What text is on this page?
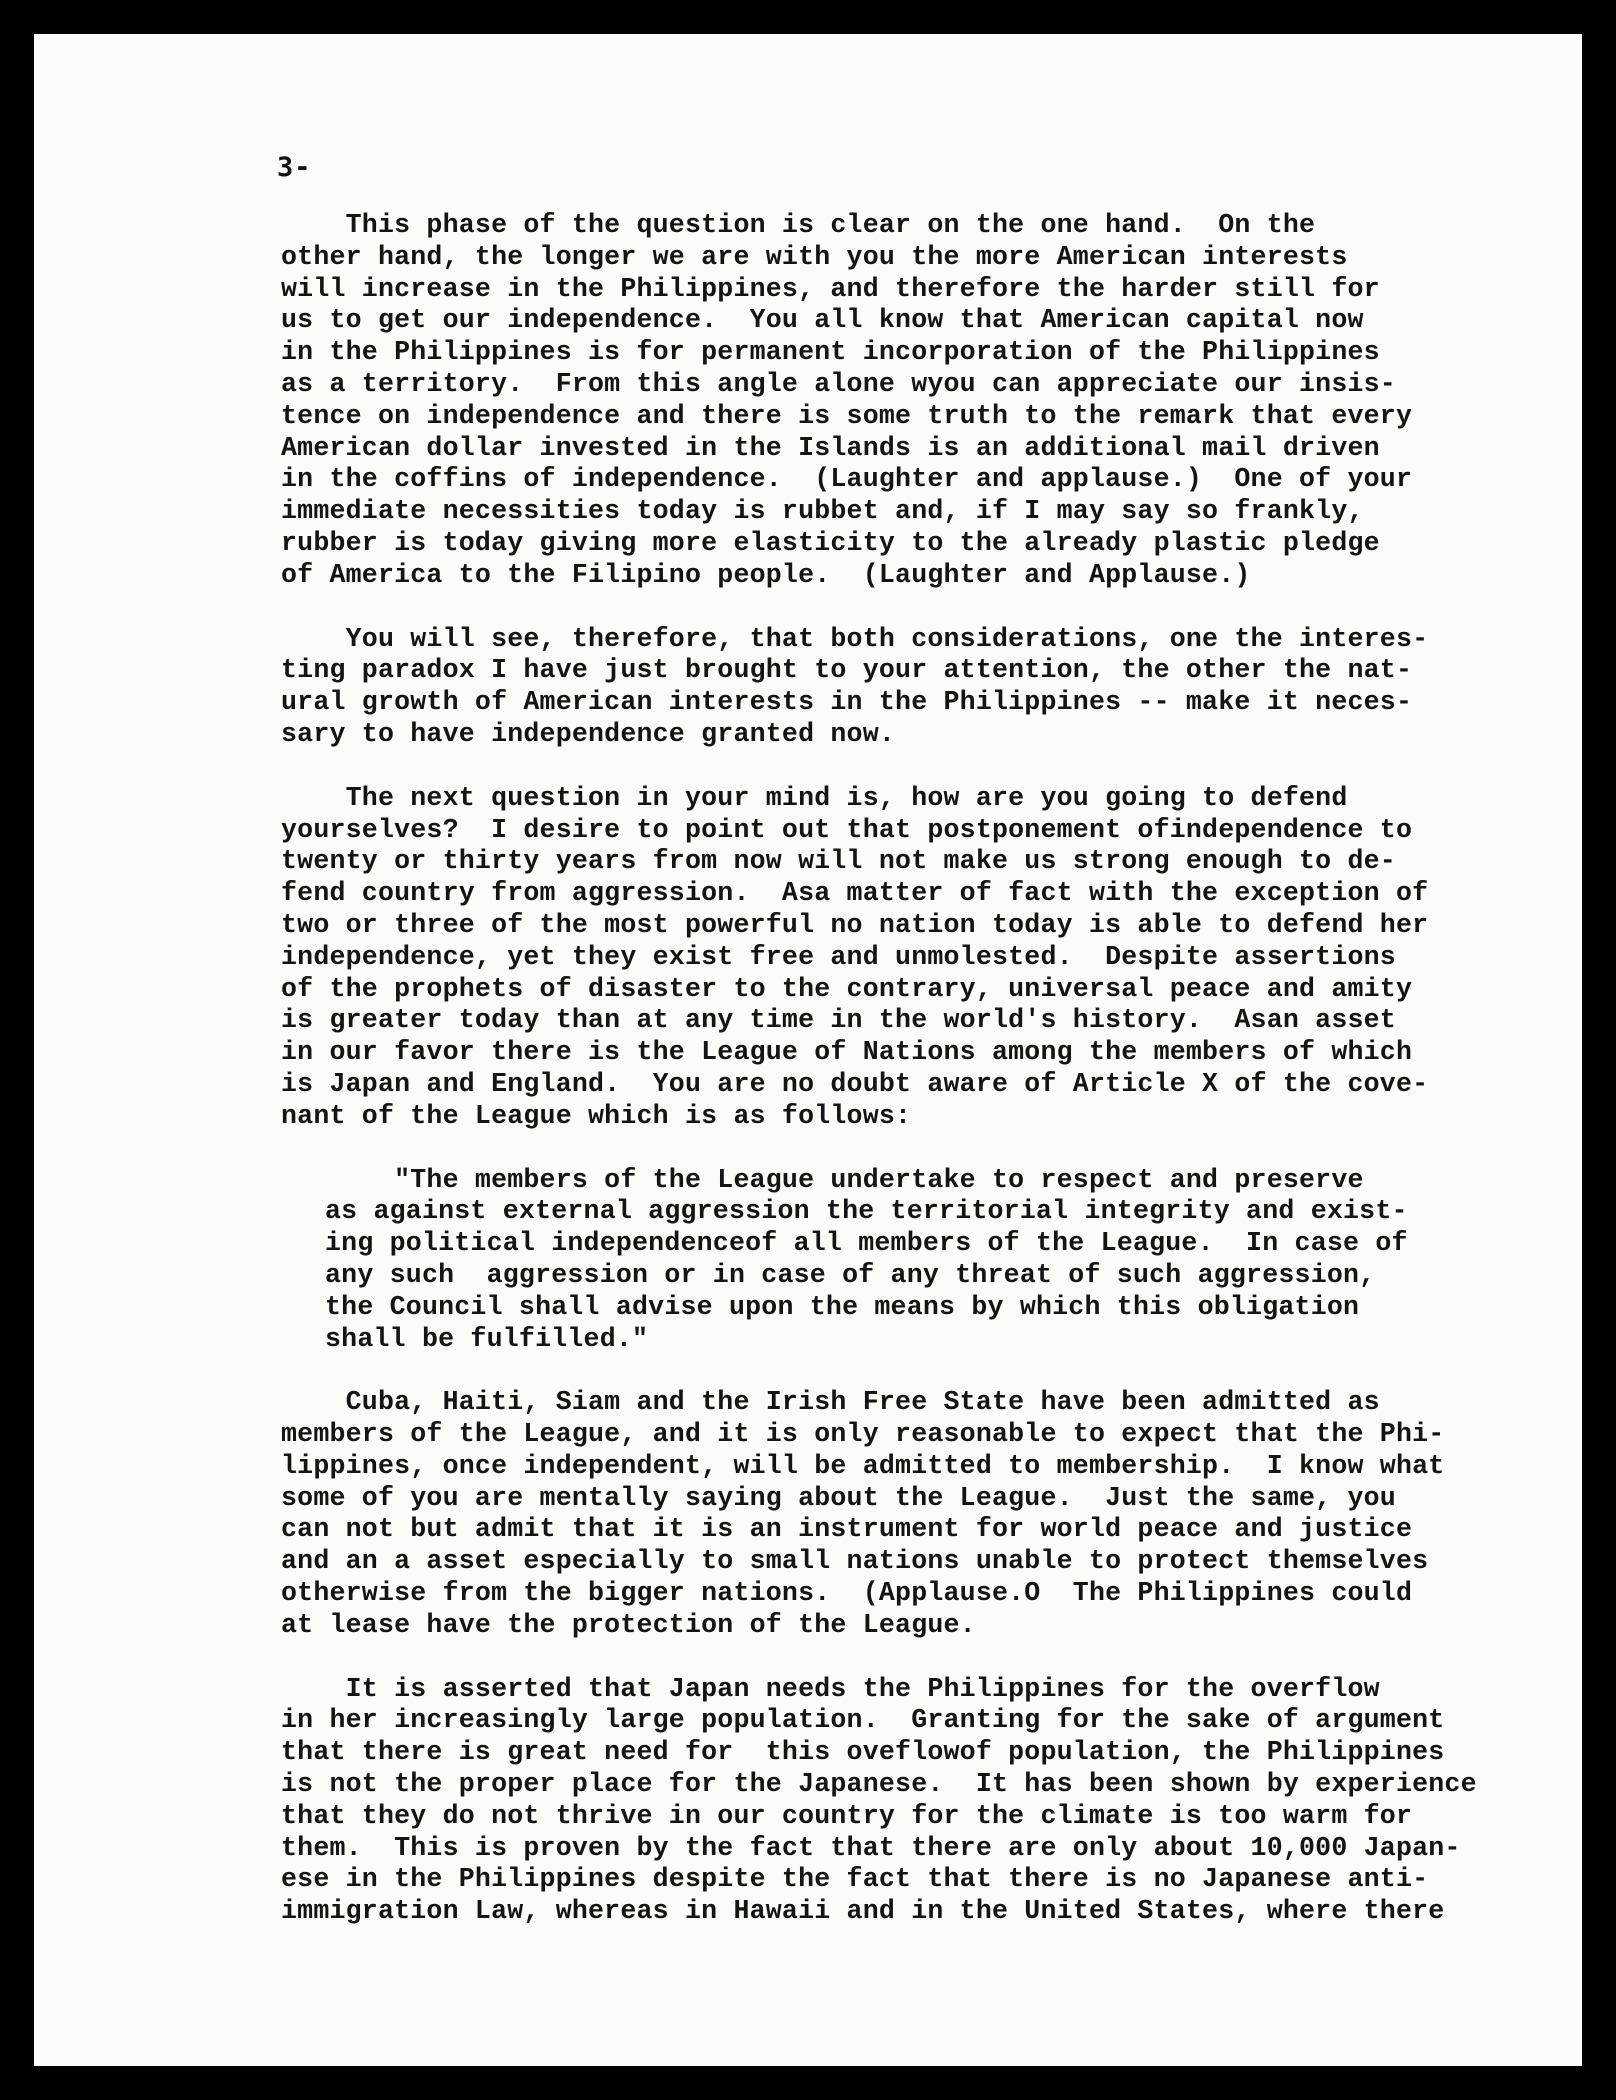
3-
This phase of the question is clear on the one hand.  On the
other hand, the longer we are with you the more American interests
will increase in the Philippines, and therefore the harder still for
us to get our independence.  You all know that American capital now
in the Philippines is for permanent incorporation of the Philippines
as a territory.  From this angle alone wyou can appreciate our insis-
tence on independence and there is some truth to the remark that every
American dollar invested in the Islands is an additional mail driven
in the coffins of independence.  (Laughter and applause.)  One of your
immediate necessities today is rubbet and, if I may say so frankly,
rubber is today giving more elasticity to the already plastic pledge
of America to the Filipino people.  (Laughter and Applause.)
You will see, therefore, that both considerations, one the interes-
ting paradox I have just brought to your attention, the other the nat-
ural growth of American interests in the Philippines -- make it neces-
sary to have independence granted now.
The next question in your mind is, how are you going to defend
yourselves?  I desire to point out that postponement ofindependence to
twenty or thirty years from now will not make us strong enough to de-
fend country from aggression.  Asa matter of fact with the exception of
two or three of the most powerful no nation today is able to defend her
independence, yet they exist free and unmolested.  Despite assertions
of the prophets of disaster to the contrary, universal peace and amity
is greater today than at any time in the world's history.  Asan asset
in our favor there is the League of Nations among the members of which
is Japan and England.  You are no doubt aware of Article X of the cove-
nant of the League which is as follows:
"The members of the League undertake to respect and preserve
as against external aggression the territorial integrity and exist-
ing political independenceof all members of the League.  In case of
any such  aggression or in case of any threat of such aggression,
the Council shall advise upon the means by which this obligation
shall be fulfilled."
Cuba, Haiti, Siam and the Irish Free State have been admitted as
members of the League, and it is only reasonable to expect that the Phi-
lippines, once independent, will be admitted to membership.  I know what
some of you are mentally saying about the League.  Just the same, you
can not but admit that it is an instrument for world peace and justice
and an a asset especially to small nations unable to protect themselves
otherwise from the bigger nations.  (Applause.O  The Philippines could
at lease have the protection of the League.
It is asserted that Japan needs the Philippines for the overflow
in her increasingly large population.  Granting for the sake of argument
that there is great need for  this oveflowof population, the Philippines
is not the proper place for the Japanese.  It has been shown by experience
that they do not thrive in our country for the climate is too warm for
them.  This is proven by the fact that there are only about 10,000 Japan-
ese in the Philippines despite the fact that there is no Japanese anti-
immigration Law, whereas in Hawaii and in the United States, where there
